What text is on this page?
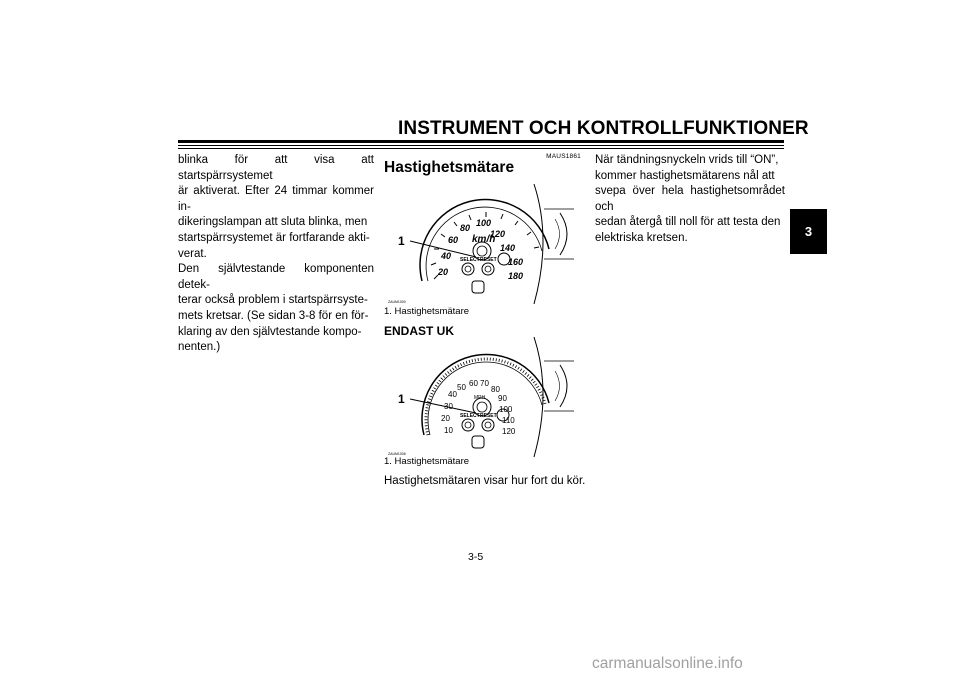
INSTRUMENT OCH KONTROLLFUNKTIONER
3

blinka för att visa att startspärrsystemet

är aktiverat. Efter 24 timmar kommer in-

dikeringslampan att sluta blinka, men

startspärrsystemet är fortfarande akti-

verat.

Den självtestande komponenten detek-

terar också problem i startspärrsyste-

mets kretsar. (Se sidan 3-8 för en för-

klaring av den självtestande kompo-

nenten.)

MAUS1861
Hastighetsmätare
20
40
60
80 100
120
140
160
180
km/h
SELECT RESET
1
ZAUM1000
1. Hastighetsmätare
ENDAST UK
10
20
30
40
50 60 70
80
90
100
110
120
MPH
SELECT RESET
1
ZAUM1006
1. Hastighetsmätare
Hastighetsmätaren visar hur fort du kör.

När tändningsnyckeln vrids till “ON”,

kommer hastighetsmätarens nål att

svepa över hela hastighetsområdet och

sedan återgå till noll för att testa den

elektriska kretsen.

3-5
carmanualsonline.info
